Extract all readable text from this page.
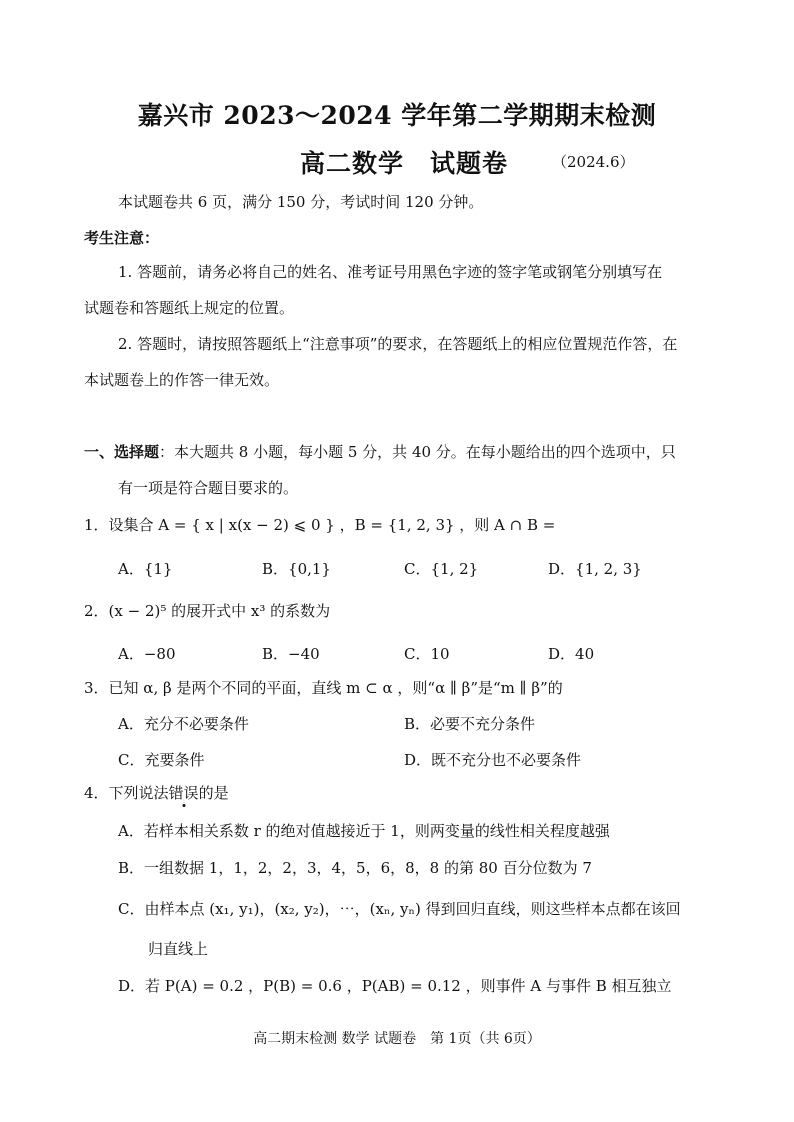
嘉兴市 2023～2024 学年第二学期期末检测
高二数学　试题卷	（2024.6）
本试题卷共 6 页，满分 150 分，考试时间 120 分钟。
考生注意：
1. 答题前，请务必将自己的姓名、准考证号用黑色字迹的签字笔或钢笔分别填写在
试题卷和答题纸上规定的位置。
2. 答题时，请按照答题纸上“注意事项”的要求，在答题纸上的相应位置规范作答，在
本试题卷上的作答一律无效。
一、选择题：本大题共 8 小题，每小题 5 分，共 40 分。在每小题给出的四个选项中，只
有一项是符合题目要求的。
1．设集合 A = { x | x(x − 2) ⩽ 0 } ，B = {1, 2, 3} ，则 A ∩ B =
A．{1}	B．{0,1}	C．{1, 2}	D．{1, 2, 3}
2．(x − 2)⁵ 的展开式中 x³ 的系数为
A．−80	B．−40	C．10	D．40
3．已知 α, β 是两个不同的平面，直线 m ⊂ α ，则“α ∥ β”是“m ∥ β”的
A．充分不必要条件	B．必要不充分条件
C．充要条件	D．既不充分也不必要条件
4．下列说法错误的是
A．若样本相关系数 r 的绝对值越接近于 1，则两变量的线性相关程度越强
B．一组数据 1，1，2，2，3，4，5，6，8，8 的第 80 百分位数为 7
C．由样本点 (x₁, y₁)，(x₂, y₂)，⋯，(xₙ, yₙ) 得到回归直线，则这些样本点都在该回
归直线上
D．若 P(A) = 0.2 ，P(B) = 0.6 ，P(AB) = 0.12 ，则事件 A 与事件 B 相互独立
高二期末检测 数学 试题卷　第 1页（共 6页）
